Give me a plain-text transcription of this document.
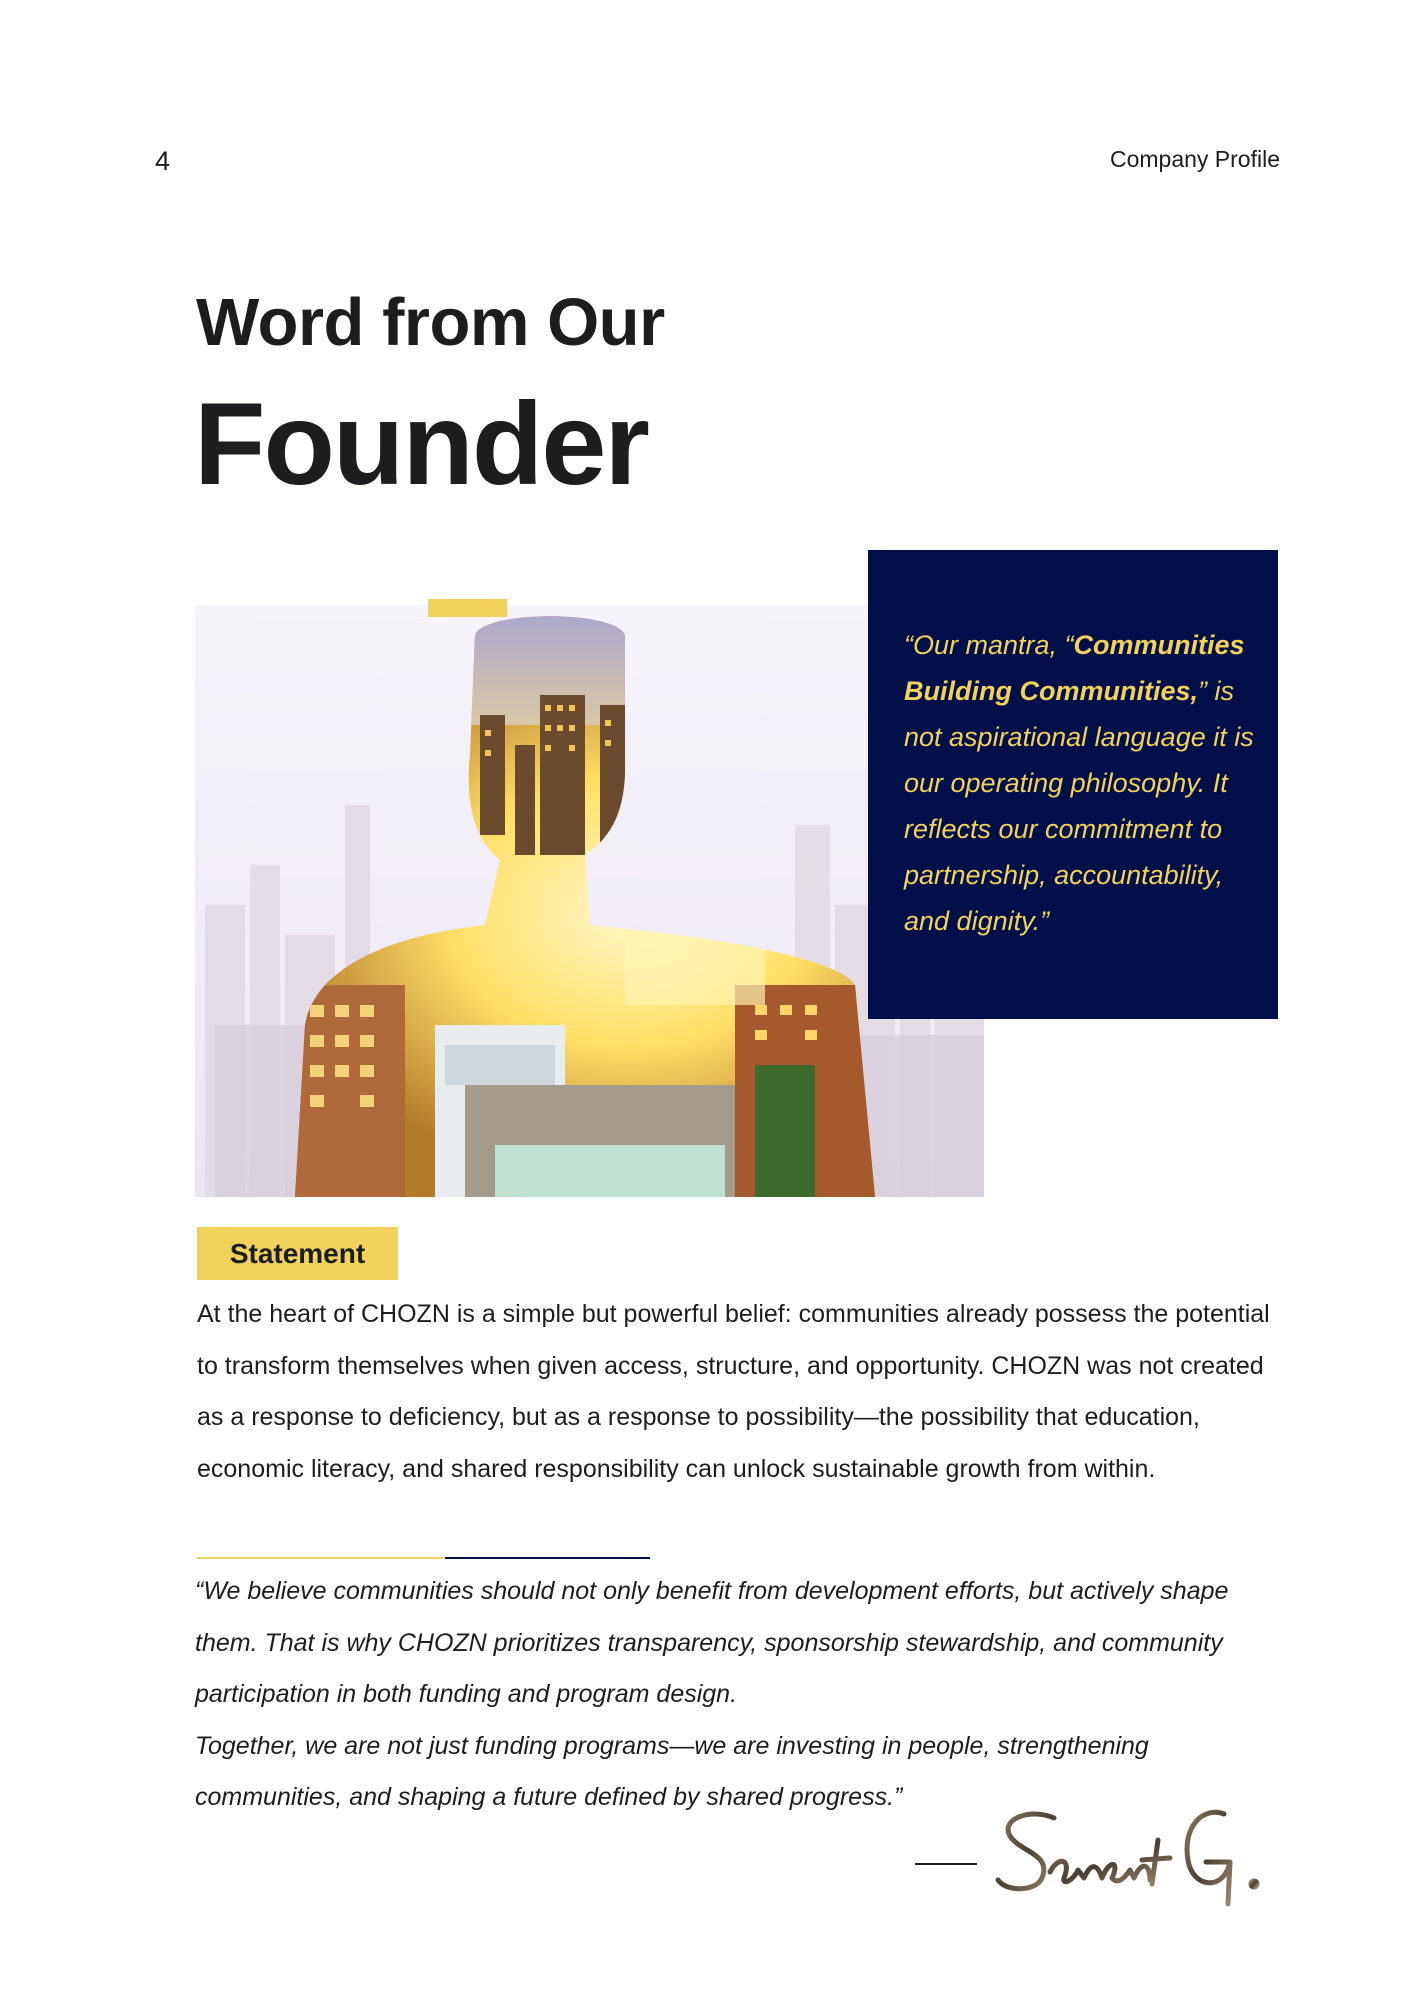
4	Company Profile
Word from Our
Founder
“Our mantra, “Communities Building Communities,” is not aspirational language it is our operating philosophy. It reflects our commitment to partnership, accountability, and dignity.”
Statement
At the heart of CHOZN is a simple but powerful belief: communities already possess the potential to transform themselves when given access, structure, and opportunity. CHOZN was not created as a response to deficiency, but as a response to possibility—the possibility that education, economic literacy, and shared responsibility can unlock sustainable growth from within.

“We believe communities should not only benefit from development efforts, but actively shape them. That is why CHOZN prioritizes transparency, sponsorship stewardship, and community participation in both funding and program design.

Together, we are not just funding programs—we are investing in people, strengthening communities, and shaping a future defined by shared progress.”
